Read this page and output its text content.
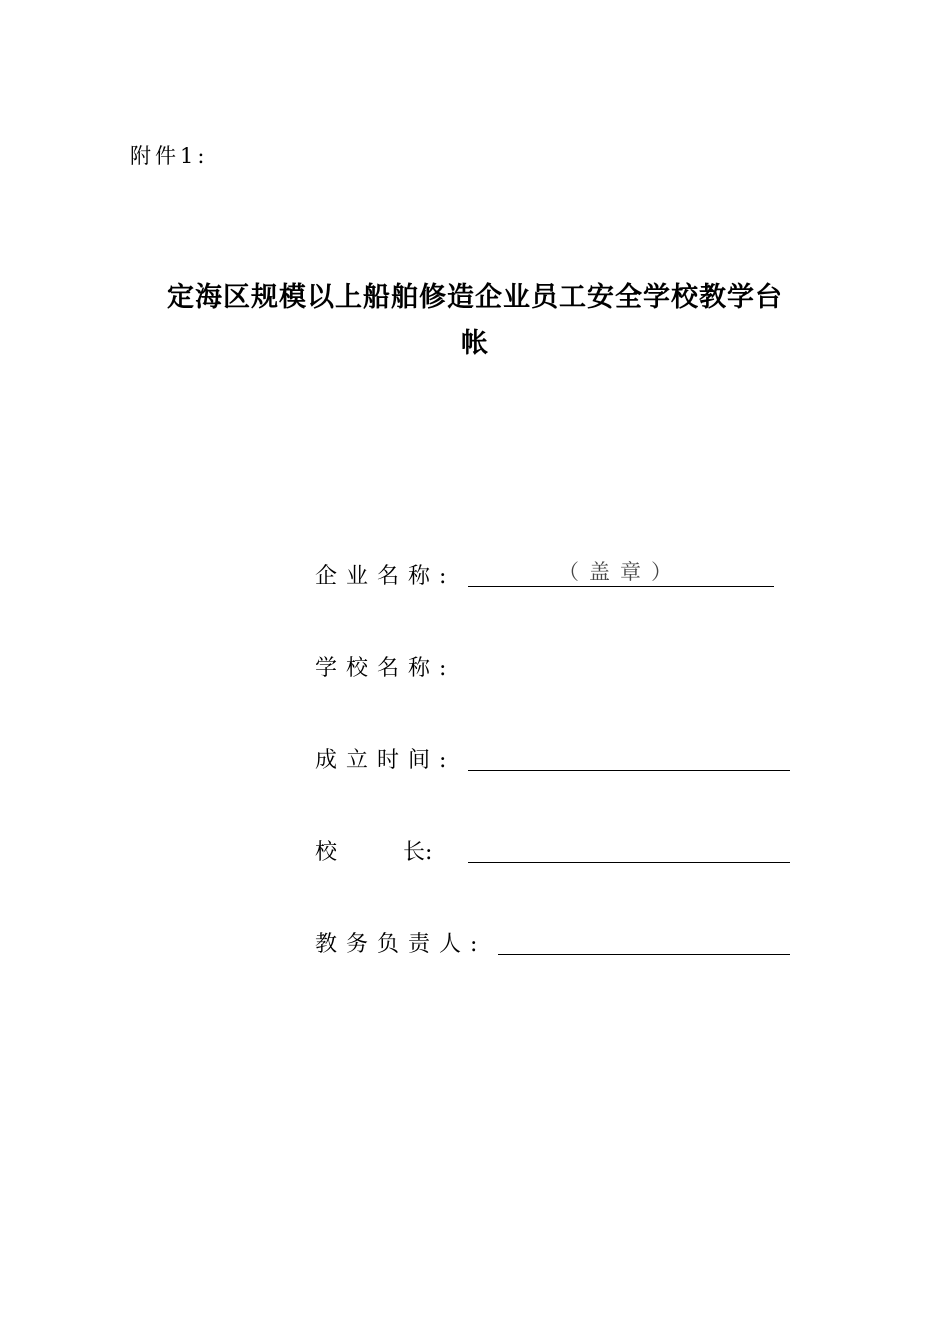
附件1:
定海区规模以上船舶修造企业员工安全学校教学台
帐
企业名称:	（盖章）
学校名称:
成立时间:
校	长:
教务负责人:
